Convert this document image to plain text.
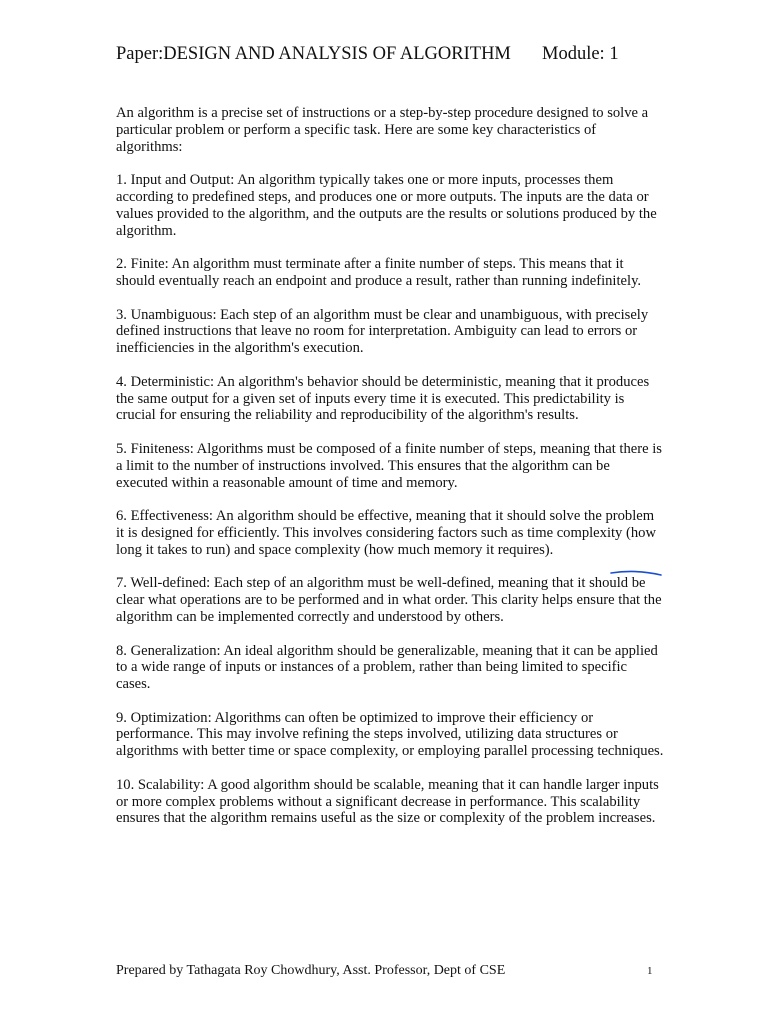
Paper:DESIGN AND ANALYSIS OF ALGORITHM Module: 1

An algorithm is a precise set of instructions or a step-by-step procedure designed to solve a particular problem or perform a specific task. Here are some key characteristics of algorithms:

1. Input and Output: An algorithm typically takes one or more inputs, processes them according to predefined steps, and produces one or more outputs. The inputs are the data or values provided to the algorithm, and the outputs are the results or solutions produced by the algorithm.

2. Finite: An algorithm must terminate after a finite number of steps. This means that it should eventually reach an endpoint and produce a result, rather than running indefinitely.

3. Unambiguous: Each step of an algorithm must be clear and unambiguous, with precisely defined instructions that leave no room for interpretation. Ambiguity can lead to errors or inefficiencies in the algorithm's execution.

4. Deterministic: An algorithm's behavior should be deterministic, meaning that it produces the same output for a given set of inputs every time it is executed. This predictability is crucial for ensuring the reliability and reproducibility of the algorithm's results.

5. Finiteness: Algorithms must be composed of a finite number of steps, meaning that there is a limit to the number of instructions involved. This ensures that the algorithm can be executed within a reasonable amount of time and memory.

6. Effectiveness: An algorithm should be effective, meaning that it should solve the problem it is designed for efficiently. This involves considering factors such as time complexity (how long it takes to run) and space complexity (how much memory it requires).

7. Well-defined: Each step of an algorithm must be well-defined, meaning that it should be clear what operations are to be performed and in what order. This clarity helps ensure that the algorithm can be implemented correctly and understood by others.

8. Generalization: An ideal algorithm should be generalizable, meaning that it can be applied to a wide range of inputs or instances of a problem, rather than being limited to specific cases.

9. Optimization: Algorithms can often be optimized to improve their efficiency or performance. This may involve refining the steps involved, utilizing data structures or algorithms with better time or space complexity, or employing parallel processing techniques.

10. Scalability: A good algorithm should be scalable, meaning that it can handle larger inputs or more complex problems without a significant decrease in performance. This scalability ensures that the algorithm remains useful as the size or complexity of the problem increases.

Prepared by Tathagata Roy Chowdhury, Asst. Professor, Dept of CSE	1
